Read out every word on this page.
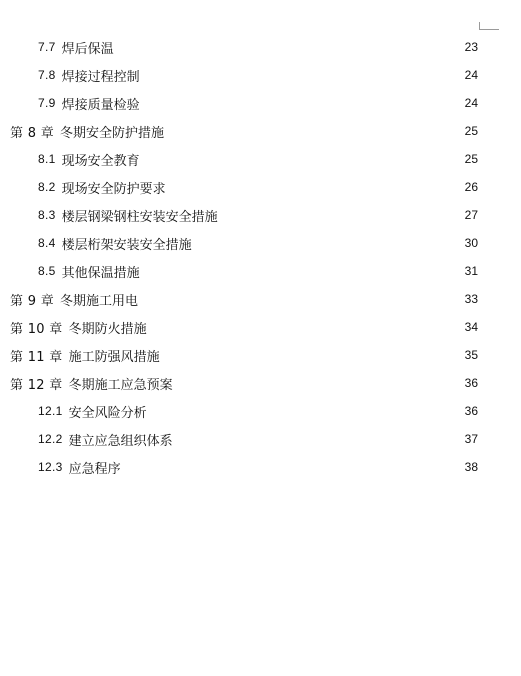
7.7 焊后保温	23
7.8 焊接过程控制	24
7.9 焊接质量检验	24
第 8 章 冬期安全防护措施	25
8.1 现场安全教育	25
8.2 现场安全防护要求	26
8.3 楼层钢梁钢柱安装安全措施	27
8.4 楼层桁架安装安全措施	30
8.5 其他保温措施	31
第 9 章 冬期施工用电	33
第 10 章 冬期防火措施	34
第 11 章 施工防强风措施	35
第 12 章 冬期施工应急预案	36
12.1 安全风险分析	36
12.2 建立应急组织体系	37
12.3 应急程序	38
